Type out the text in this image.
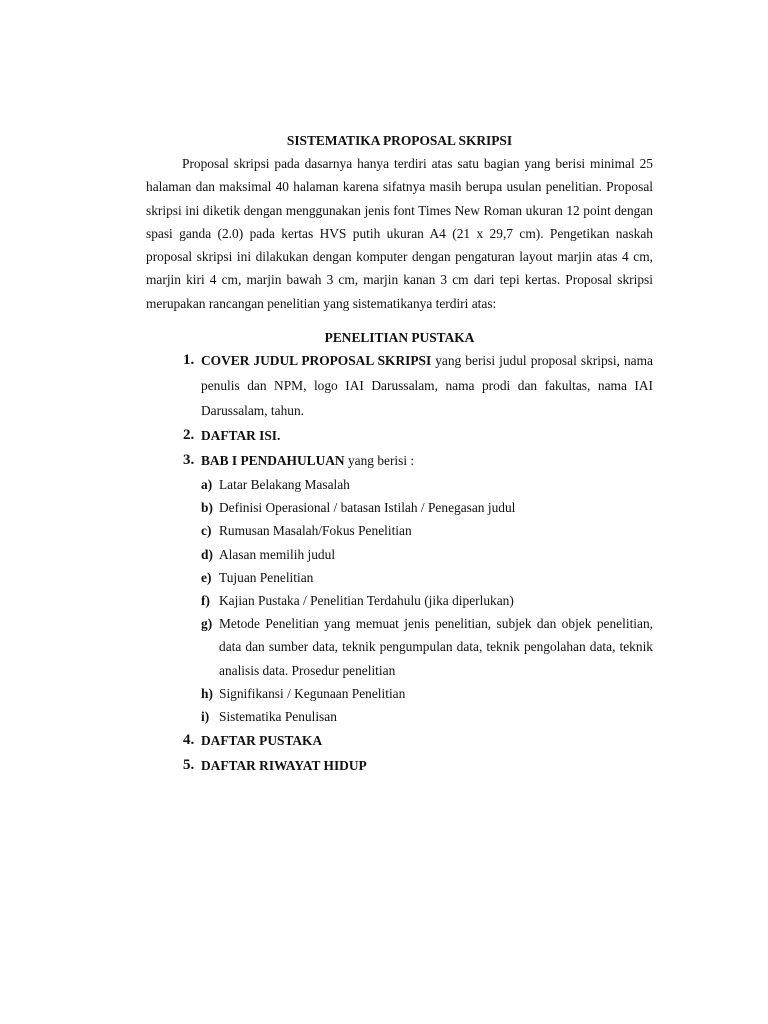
SISTEMATIKA PROPOSAL SKRIPSI

Proposal skripsi pada dasarnya hanya terdiri atas satu bagian yang berisi minimal 25 halaman dan maksimal 40 halaman karena sifatnya masih berupa usulan penelitian. Proposal skripsi ini diketik dengan menggunakan jenis font Times New Roman ukuran 12 point dengan spasi ganda (2.0) pada kertas HVS putih ukuran A4 (21 x 29,7 cm). Pengetikan naskah proposal skripsi ini dilakukan dengan komputer dengan pengaturan layout marjin atas 4 cm, marjin kiri 4 cm, marjin bawah 3 cm, marjin kanan 3 cm dari tepi kertas. Proposal skripsi merupakan rancangan penelitian yang sistematikanya terdiri atas:

PENELITIAN PUSTAKA

1. COVER JUDUL PROPOSAL SKRIPSI yang berisi judul proposal skripsi, nama penulis dan NPM, logo IAI Darussalam, nama prodi dan fakultas, nama IAI Darussalam, tahun.
2. DAFTAR ISI.
3. BAB I PENDAHULUAN yang berisi :
a) Latar Belakang Masalah
b) Definisi Operasional / batasan Istilah / Penegasan judul
c) Rumusan Masalah/Fokus Penelitian
d) Alasan memilih judul
e) Tujuan Penelitian
f) Kajian Pustaka / Penelitian Terdahulu (jika diperlukan)
g) Metode Penelitian yang memuat jenis penelitian, subjek dan objek penelitian, data dan sumber data, teknik pengumpulan data, teknik pengolahan data, teknik analisis data. Prosedur penelitian
h) Signifikansi / Kegunaan Penelitian
i) Sistematika Penulisan
4. DAFTAR PUSTAKA
5. DAFTAR RIWAYAT HIDUP
